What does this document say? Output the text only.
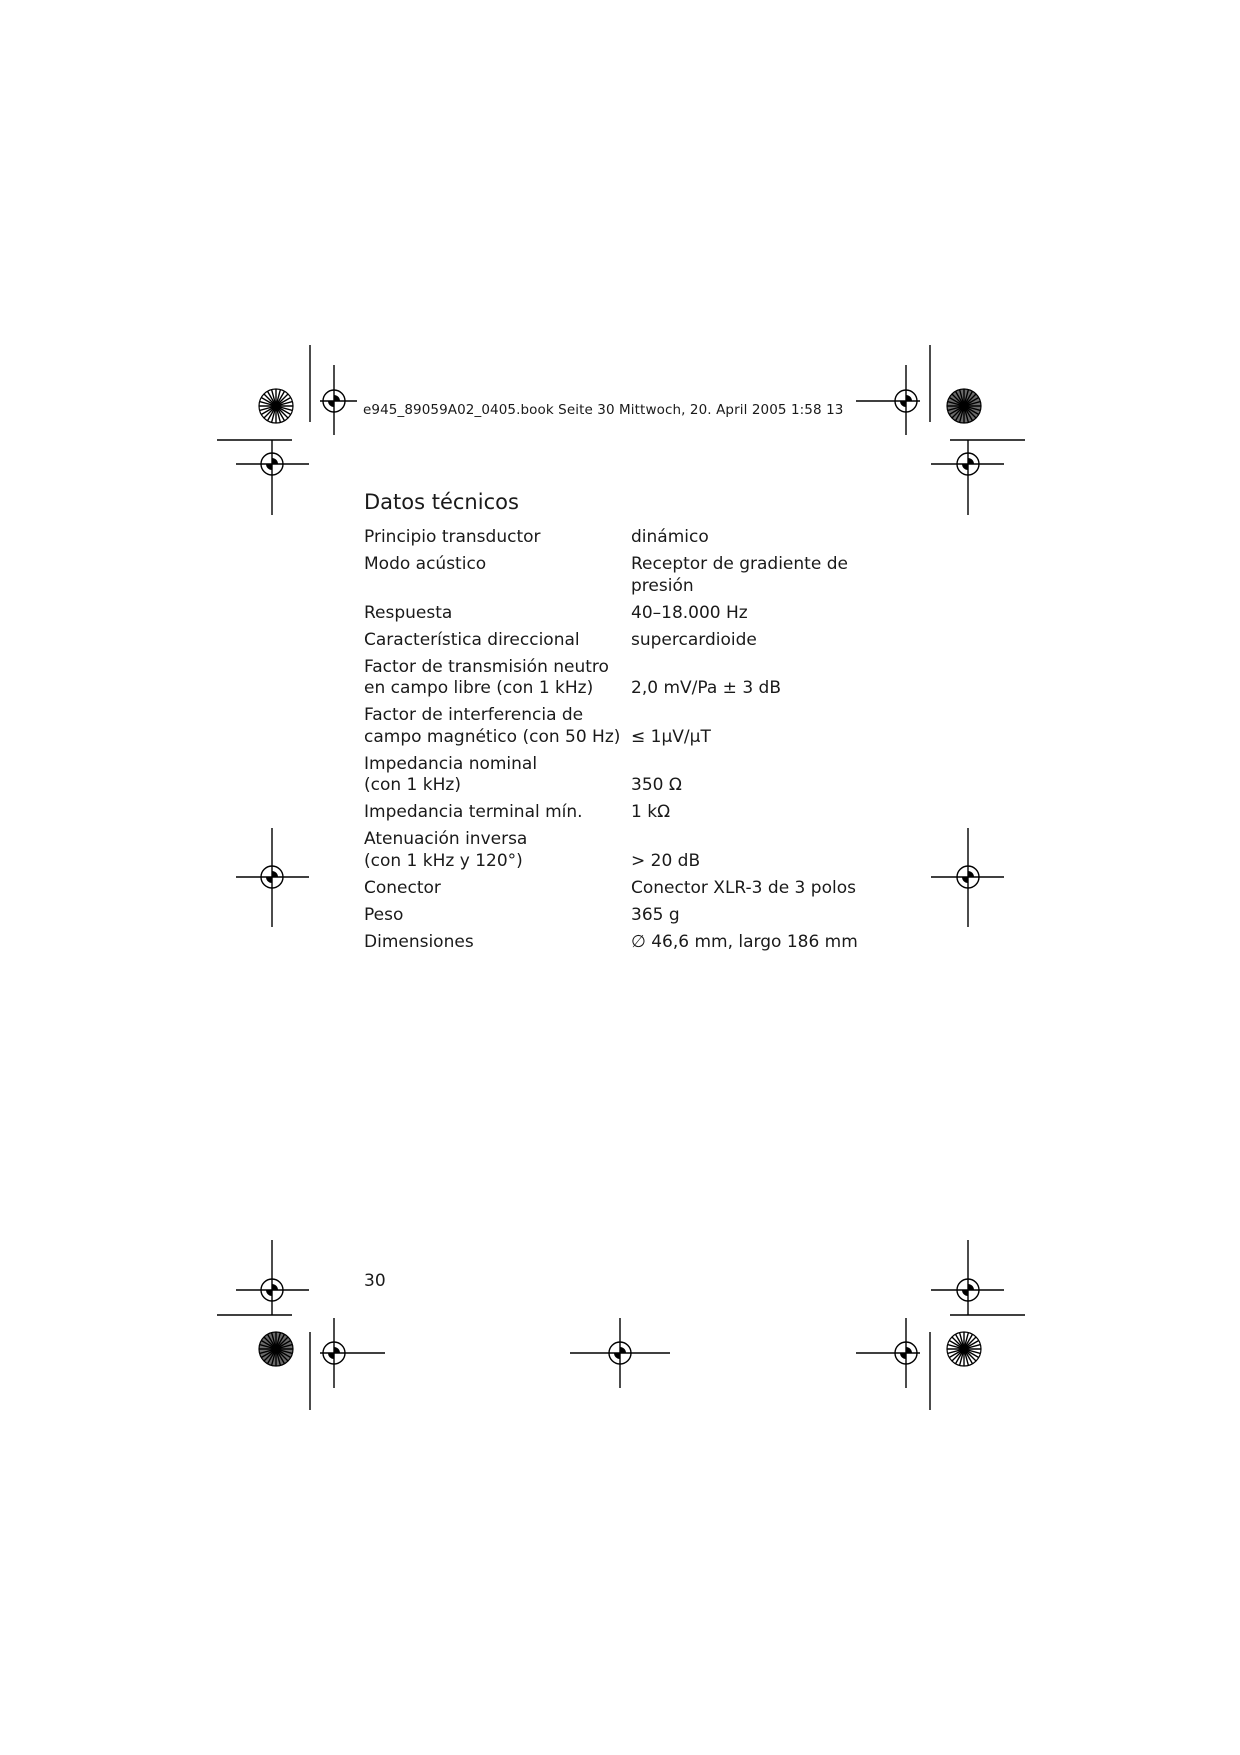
e945_89059A02_0405.book Seite 30 Mittwoch, 20. April 2005 1:58 13
Datos técnicos
Principio transductor	dinámico
Modo acústico	Receptor de gradiente de
presión
Respuesta	40–18.000 Hz
Característica direccional	supercardioide
Factor de transmisión neutro
en campo libre (con 1 kHz)	2,0 mV/Pa ± 3 dB
Factor de interferencia de
campo magnético (con 50 Hz) ≤ 1μV/μT
Impedancia nominal
(con 1 kHz)	350 Ω
Impedancia terminal mín.	1 kΩ
Atenuación inversa
(con 1 kHz y 120°)	> 20 dB
Conector	Conector XLR-3 de 3 polos
Peso	365 g
Dimensiones	∅ 46,6 mm, largo 186 mm
30
